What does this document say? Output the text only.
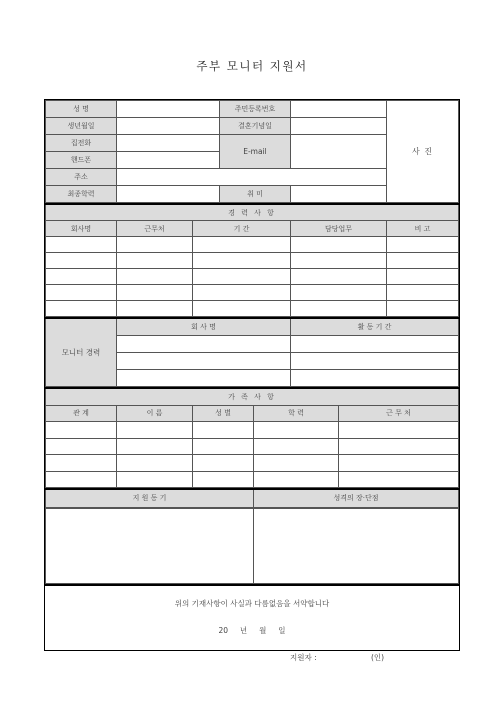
주부 모니터 지원서
성 명		주민등록번호		사 진
생년월일		결혼기념일		
집전화		E-mail		
핸드폰				
주소				
최종학력		취 미		
경 력 사 항				
회사명	근무처	기 간	담당업무	비 고

모니터 경력	회 사 명	활 동 기 간

가 족 사 항				
관 계	이 름	성 별	학 력	근 무 처

지 원 동 기	성격의 장·단점

위의 기재사항이 사실과 다름없음을 서약합니다
20     년     월     일
지원자 :	(인)
